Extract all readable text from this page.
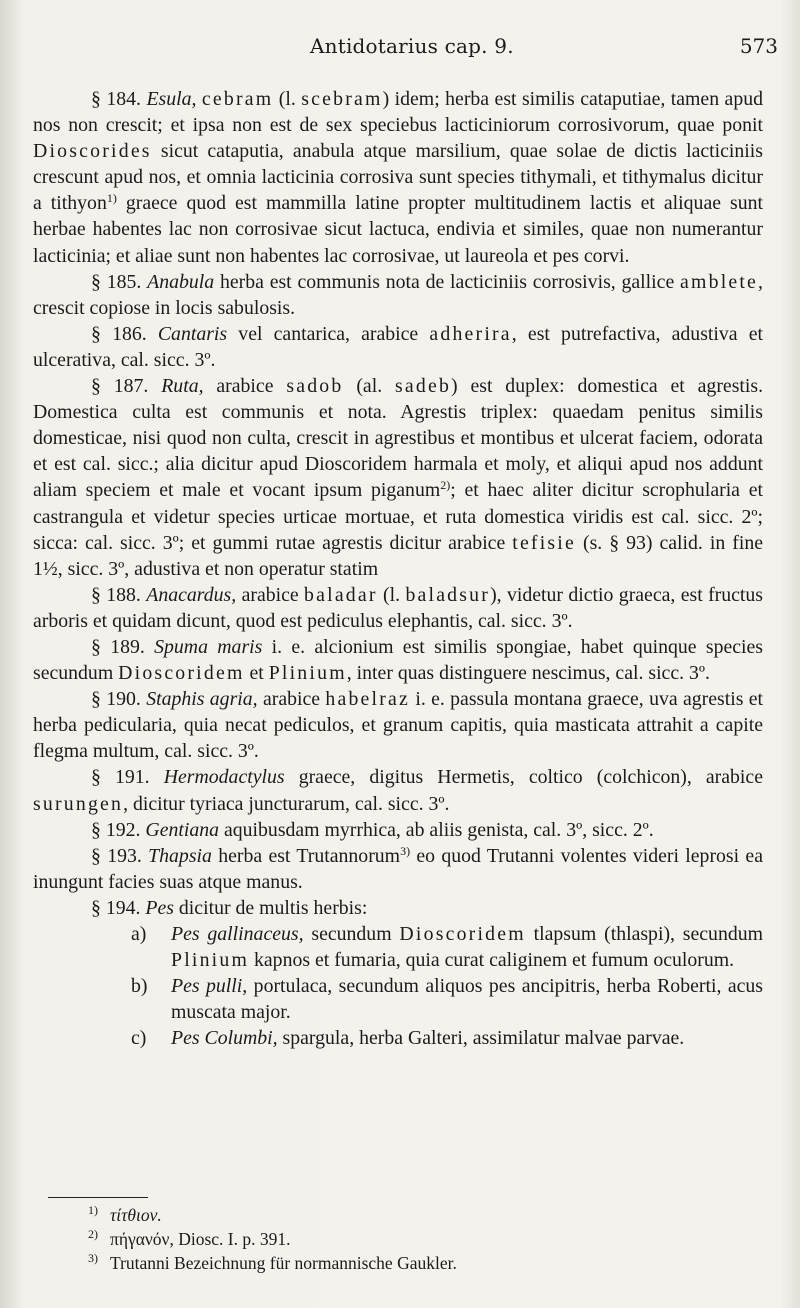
Antidotarius cap. 9.	573

§ 184. Esula, cebram (l. scebram) idem; herba est similis cataputiae, tamen apud nos non crescit; et ipsa non est de sex speciebus lacticiniorum corrosivorum, quae ponit Dioscorides sicut cataputia, anabula atque marsilium, quae solae de dictis lacticiniis crescunt apud nos, et omnia lacticinia corrosiva sunt species tithymali, et tithymalus dicitur a tithyon$^{1)}$ graece quod est mammilla latine propter multitudinem lactis et aliquae sunt herbae habentes lac non corrosivae sicut lactuca, endivia et similes, quae non numerantur lacticinia; et aliae sunt non habentes lac corrosivae, ut laureola et pes corvi.

§ 185. Anabula herba est communis nota de lacticiniis corrosivis, gallice amblete, crescit copiose in locis sabulosis.

§ 186. Cantaris vel cantarica, arabice adherira, est putrefactiva, adustiva et ulcerativa, cal. sicc. 3º.

§ 187. Ruta, arabice sadob (al. sadeb) est duplex: domestica et agrestis. Domestica culta est communis et nota. Agrestis triplex: quaedam penitus similis domesticae, nisi quod non culta, crescit in agrestibus et montibus et ulcerat faciem, odorata et est cal. sicc.; alia dicitur apud Dioscoridem harmala et moly, et aliqui apud nos addunt aliam speciem et male et vocant ipsum piganum$^{2)}$; et haec aliter dicitur scrophularia et castrangula et videtur species urticae mortuae, et ruta domestica viridis est cal. sicc. 2º; sicca: cal. sicc. 3º; et gummi rutae agrestis dicitur arabice tefisie (s. § 93) calid. in fine 1½, sicc. 3º, adustiva et non operatur statim

§ 188. Anacardus, arabice baladar (l. baladsur), videtur dictio graeca, est fructus arboris et quidam dicunt, quod est pediculus elephantis, cal. sicc. 3º.

§ 189. Spuma maris i. e. alcionium est similis spongiae, habet quinque species secundum Dioscoridem et Plinium, inter quas distinguere nescimus, cal. sicc. 3º.

§ 190. Staphis agria, arabice habelraz i. e. passula montana graece, uva agrestis et herba pedicularia, quia necat pediculos, et granum capitis, quia masticata attrahit a capite flegma multum, cal. sicc. 3º.

§ 191. Hermodactylus graece, digitus Hermetis, coltico (colchicon), arabice surungen, dicitur tyriaca juncturarum, cal. sicc. 3º.

§ 192. Gentiana aquibusdam myrrhica, ab aliis genista, cal. 3º, sicc. 2º.

§ 193. Thapsia herba est Trutannorum$^{3)}$ eo quod Trutanni volentes videri leprosi ea inungunt facies suas atque manus.

§ 194. Pes dicitur de multis herbis:

a) Pes gallinaceus, secundum Dioscoridem tlapsum (thlaspi), secundum Plinium kapnos et fumaria, quia curat caliginem et fumum oculorum.
b) Pes pulli, portulaca, secundum aliquos pes ancipitris, herba Roberti, acus muscata major.
c) Pes Columbi, spargula, herba Galteri, assimilatur malvae parvae.
1) τίτθιον.
2) πήγανόν, Diosc. I. p. 391.
3) Trutanni Bezeichnung für normannische Gaukler.
